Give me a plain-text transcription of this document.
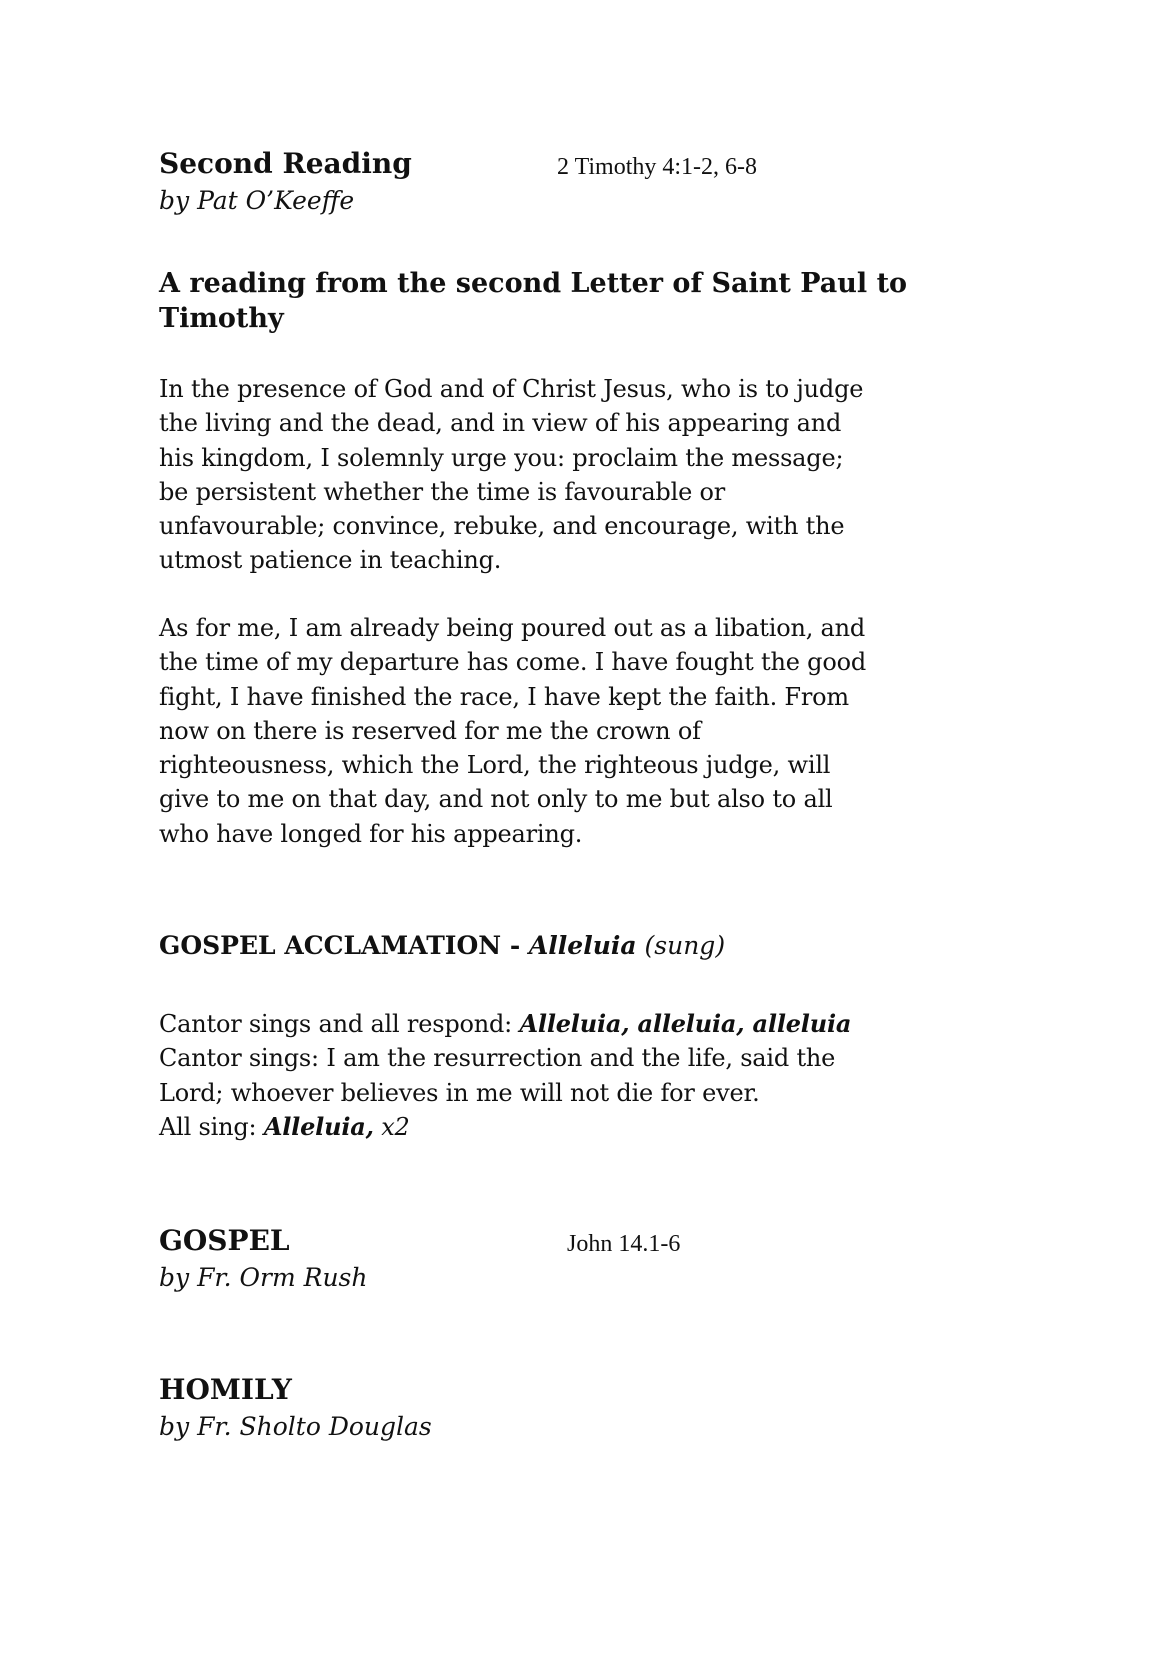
Second Reading	2 Timothy 4:1-2, 6-8
by Pat O’Keeffe
A reading from the second Letter of Saint Paul to Timothy
In the presence of God and of Christ Jesus, who is to judge
the living and the dead, and in view of his appearing and
his kingdom, I solemnly urge you: proclaim the message;
be persistent whether the time is favourable or
unfavourable; convince, rebuke, and encourage, with the
utmost patience in teaching.
As for me, I am already being poured out as a libation, and
the time of my departure has come. I have fought the good
fight, I have finished the race, I have kept the faith. From
now on there is reserved for me the crown of
righteousness, which the Lord, the righteous judge, will
give to me on that day, and not only to me but also to all
who have longed for his appearing.
GOSPEL ACCLAMATION - Alleluia (sung)
Cantor sings and all respond: Alleluia, alleluia, alleluia
Cantor sings: I am the resurrection and the life, said the
Lord; whoever believes in me will not die for ever.
All sing: Alleluia, x2
GOSPEL	John 14.1-6
by Fr. Orm Rush
HOMILY
by Fr. Sholto Douglas
